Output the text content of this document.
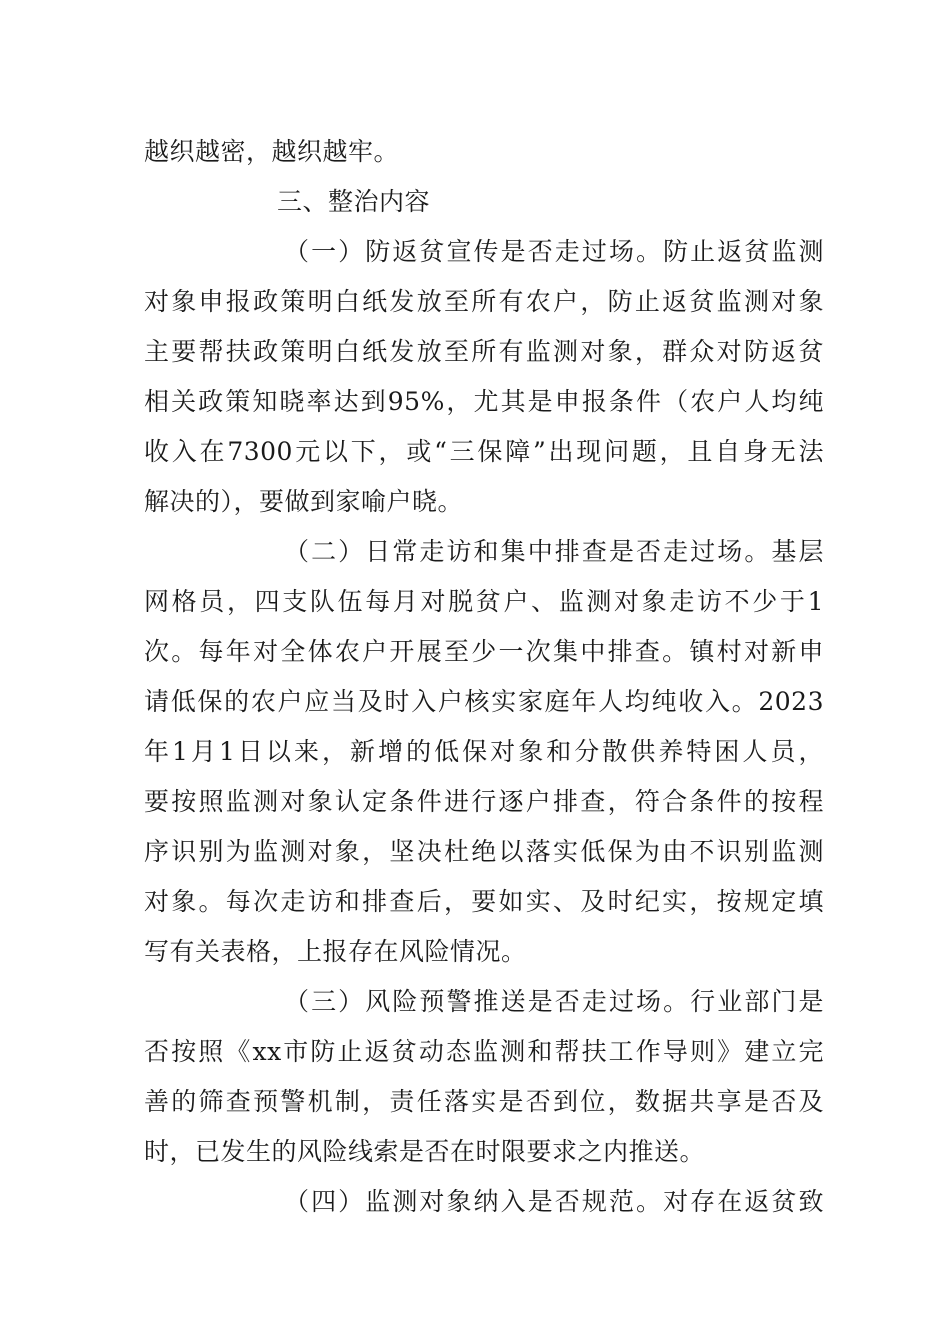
越织越密，越织越牢。
三、整治内容
（一）防返贫宣传是否走过场。防止返贫监测
对象申报政策明白纸发放至所有农户，防止返贫监测对象
主要帮扶政策明白纸发放至所有监测对象，群众对防返贫
相关政策知晓率达到95%，尤其是申报条件（农户人均纯
收入在7300元以下，或“三保障”出现问题，且自身无法
解决的），要做到家喻户晓。
（二）日常走访和集中排查是否走过场。基层
网格员，四支队伍每月对脱贫户、监测对象走访不少于1
次。每年对全体农户开展至少一次集中排查。镇村对新申
请低保的农户应当及时入户核实家庭年人均纯收入。2023
年1月1日以来，新增的低保对象和分散供养特困人员，
要按照监测对象认定条件进行逐户排查，符合条件的按程
序识别为监测对象，坚决杜绝以落实低保为由不识别监测
对象。每次走访和排查后，要如实、及时纪实，按规定填
写有关表格，上报存在风险情况。
（三）风险预警推送是否走过场。行业部门是
否按照《xx市防止返贫动态监测和帮扶工作导则》建立完
善的筛查预警机制，责任落实是否到位，数据共享是否及
时，已发生的风险线索是否在时限要求之内推送。
（四）监测对象纳入是否规范。对存在返贫致
